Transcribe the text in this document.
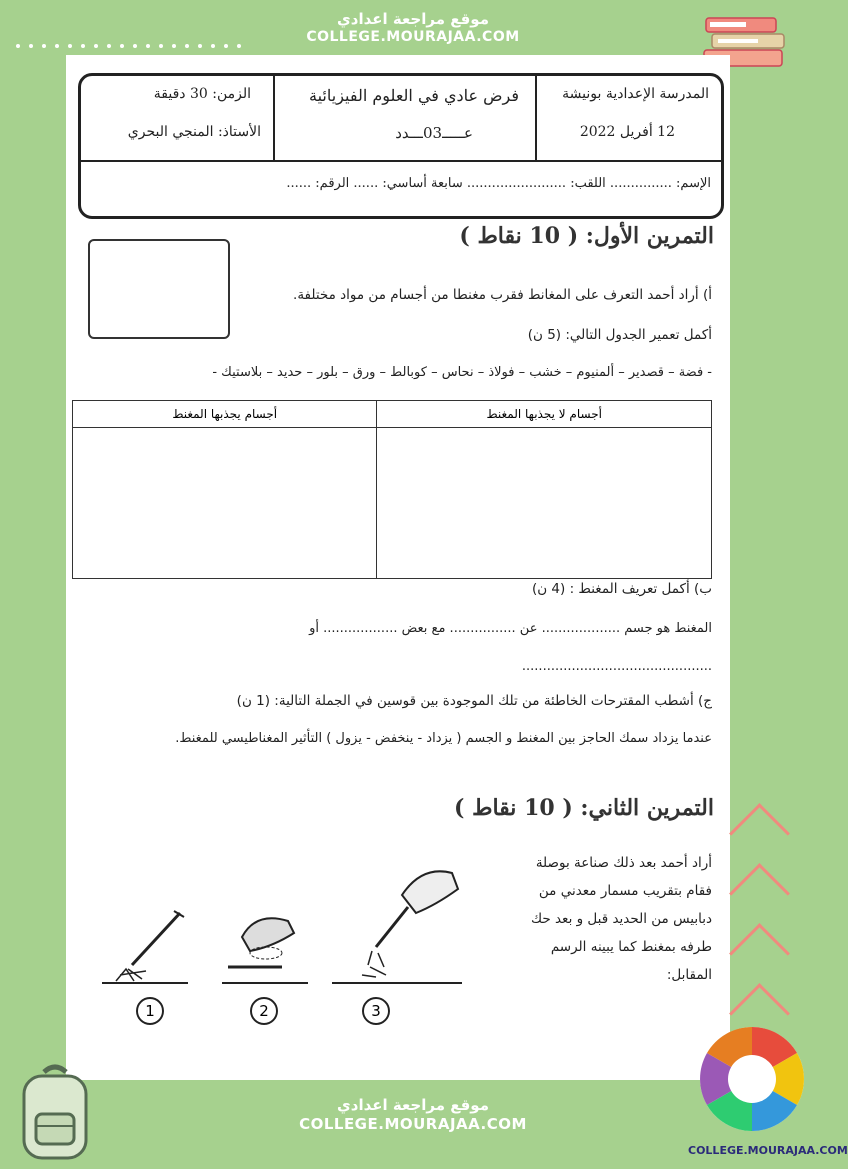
موقع مراجعة اعدادي
COLLEGE.MOURAJAA.COM
المدرسة الإعدادية بونيشة
12 أفريل 2022
فرض عادي في العلوم الفيزيائية
عـــــ03ـــدد
الزمن: 30 دقيقة
الأستاذ: المنجي البحري
الإسم: ............... اللقب: ........................ سابعة أساسي: ...... الرقم: ......
التمرين الأول: ( 10 نقاط )
أ) أراد أحمد التعرف على المغانط فقرب مغنطا من أجسام من مواد مختلفة.
أكمل تعمير الجدول التالي: (5 ن)
- فضة – قصدير – ألمنيوم – خشب – فولاذ – نحاس – كوبالط – ورق – بلور – حديد – بلاستيك -
أجسام لا يجذبها المغنط	أجسام يجذبها المغنط

ب) أكمل تعريف المغنط : (4 ن)
المغنط هو جسم ................... عن ................ مع بعض .................. أو
..............................................
ج) أشطب المقترحات الخاطئة من تلك الموجودة بين قوسين في الجملة التالية: (1 ن)
عندما يزداد سمك الحاجز بين المغنط و الجسم ( يزداد - ينخفض - يزول ) التأثير المغناطيسي للمغنط.
التمرين الثاني: ( 10 نقاط )
أراد أحمد بعد ذلك صناعة بوصلة
فقام بتقريب مسمار معدني من
دبابيس من الحديد قبل و بعد حك
طرفه بمغنط كما يبينه الرسم
المقابل:
1	2	3
COLLEGE.MOURAJAA.COM
موقع مراجعة اعدادي
COLLEGE.MOURAJAA.COM
